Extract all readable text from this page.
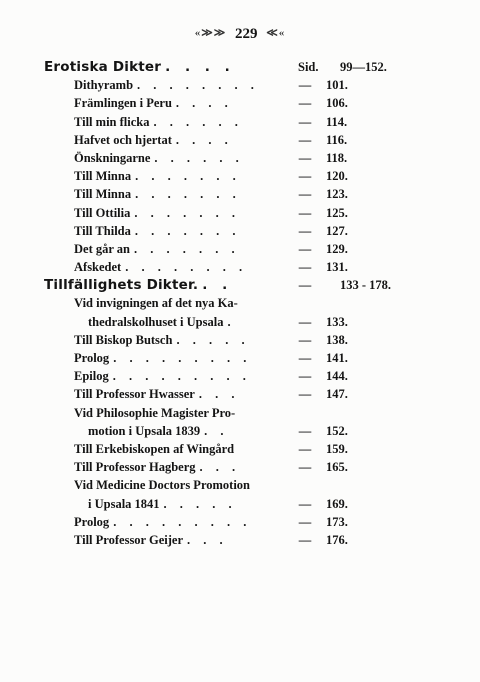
«≫≫ 229 ≪«
Erotiska Dikter . . . .	Sid. 99—152.
Dithyramb . . . . . . . .	— 101.
Främlingen i Peru . . . .	— 106.
Till min flicka . . . . . .	— 114.
Hafvet och hjertat . . . .	— 116.
Önskningarne . . . . . .	— 118.
Till Minna . . . . . . .	— 120.
Till Minna . . . . . . .	— 123.
Till Ottilia . . . . . . .	— 125.
Till Thilda . . . . . . .	— 127.
Det går an . . . . . . .	— 129.
Afskedet . . . . . . . .	— 131.
Tillfällighets Dikter. . .	— 133 - 178.
Vid invigningen af det nya Ka-
thedralskolhuset i Upsala .	— 133.
Till Biskop Butsch . . . . .	— 138.
Prolog . . . . . . . . .	— 141.
Epilog . . . . . . . . .	— 144.
Till Professor Hwasser . . .	— 147.
Vid Philosophie Magister Pro-
motion i Upsala 1839 . .	— 152.
Till Erkebiskopen af Wingård	— 159.
Till Professor Hagberg . . .	— 165.
Vid Medicine Doctors Promotion
i Upsala 1841 . . . . .	— 169.
Prolog . . . . . . . . .	— 173.
Till Professor Geijer . . .	— 176.
